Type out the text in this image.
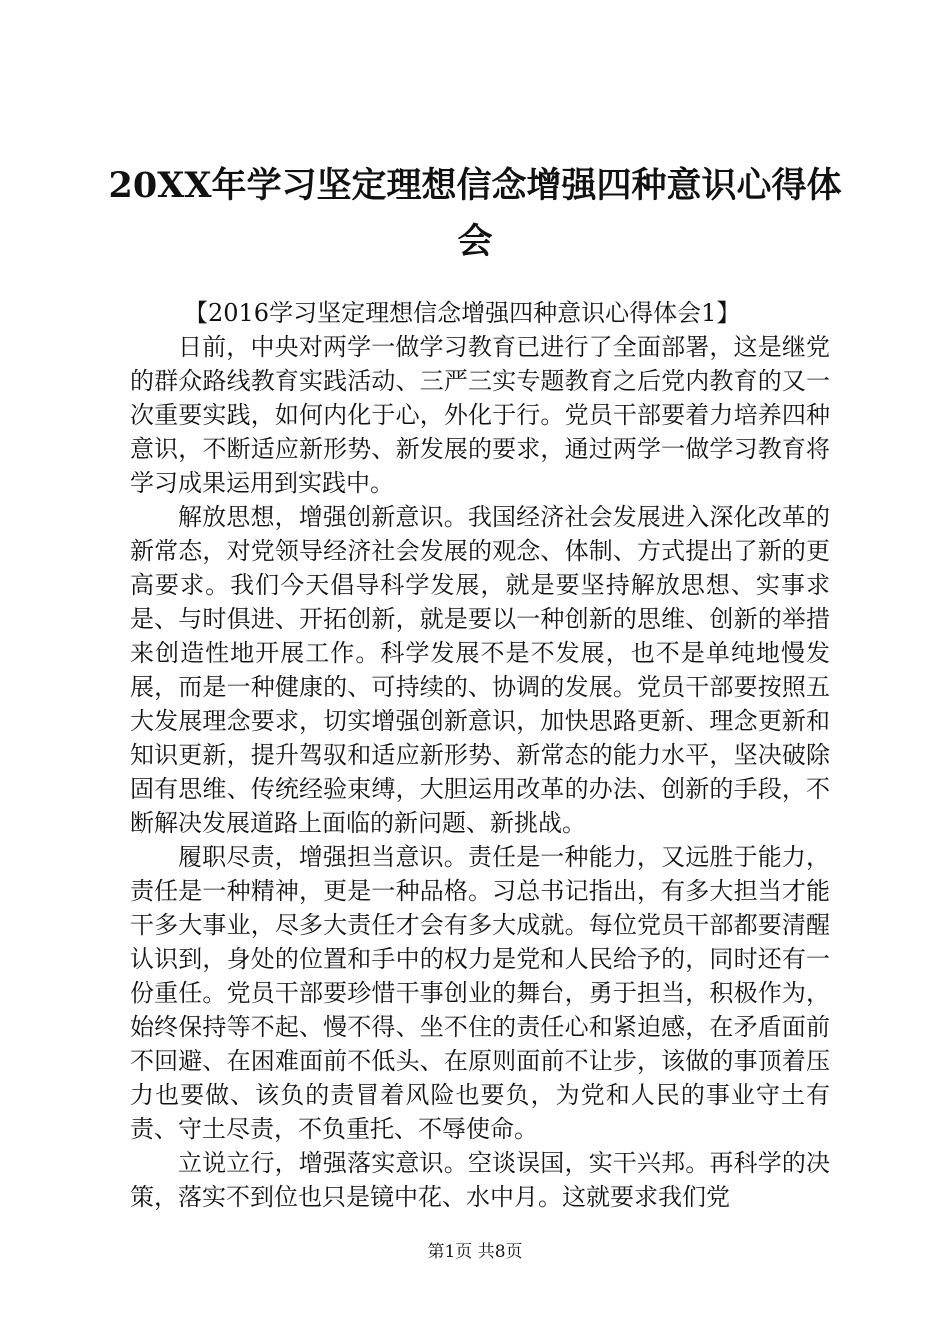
20XX年学习坚定理想信念增强四种意识心得体会

【2016学习坚定理想信念增强四种意识心得体会1】

日前，中央对两学一做学习教育已进行了全面部署，这是继党的群众路线教育实践活动、三严三实专题教育之后党内教育的又一次重要实践，如何内化于心，外化于行。党员干部要着力培养四种意识，不断适应新形势、新发展的要求，通过两学一做学习教育将学习成果运用到实践中。

解放思想，增强创新意识。我国经济社会发展进入深化改革的新常态，对党领导经济社会发展的观念、体制、方式提出了新的更高要求。我们今天倡导科学发展，就是要坚持解放思想、实事求是、与时俱进、开拓创新，就是要以一种创新的思维、创新的举措来创造性地开展工作。科学发展不是不发展，也不是单纯地慢发展，而是一种健康的、可持续的、协调的发展。党员干部要按照五大发展理念要求，切实增强创新意识，加快思路更新、理念更新和知识更新，提升驾驭和适应新形势、新常态的能力水平，坚决破除固有思维、传统经验束缚，大胆运用改革的办法、创新的手段，不断解决发展道路上面临的新问题、新挑战。

履职尽责，增强担当意识。责任是一种能力，又远胜于能力，责任是一种精神，更是一种品格。习总书记指出，有多大担当才能干多大事业，尽多大责任才会有多大成就。每位党员干部都要清醒认识到，身处的位置和手中的权力是党和人民给予的，同时还有一份重任。党员干部要珍惜干事创业的舞台，勇于担当，积极作为，始终保持等不起、慢不得、坐不住的责任心和紧迫感，在矛盾面前不回避、在困难面前不低头、在原则面前不让步，该做的事顶着压力也要做、该负的责冒着风险也要负，为党和人民的事业守土有责、守土尽责，不负重托、不辱使命。

立说立行，增强落实意识。空谈误国，实干兴邦。再科学的决策，落实不到位也只是镜中花、水中月。这就要求我们党

第1页 共8页
